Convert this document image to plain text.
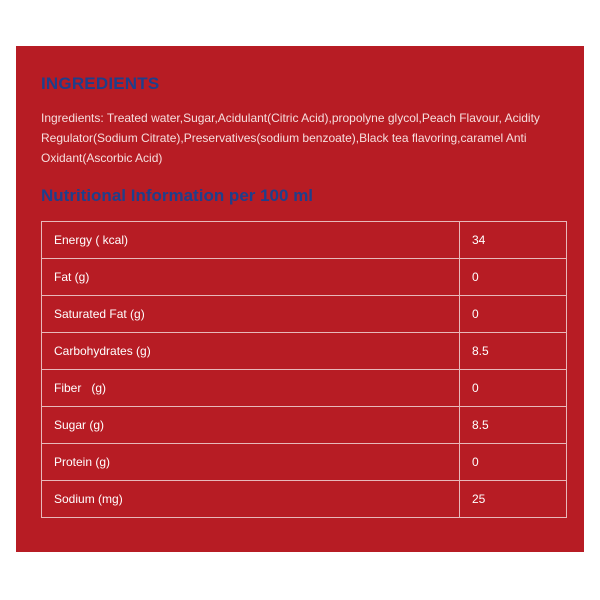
INGREDIENTS

Ingredients: Treated water,Sugar,Acidulant(Citric Acid),propolyne glycol,Peach Flavour, Acidity Regulator(Sodium Citrate),Preservatives(sodium benzoate),Black tea flavoring,caramel Anti Oxidant(Ascorbic Acid)

Nutritional Information per 100 ml
Energy ( kcal)	34
Fat (g)	0
Saturated Fat (g)	0
Carbohydrates (g)	8.5
Fiber   (g)	0
Sugar (g)	8.5
Protein (g)	0
Sodium (mg)	25
